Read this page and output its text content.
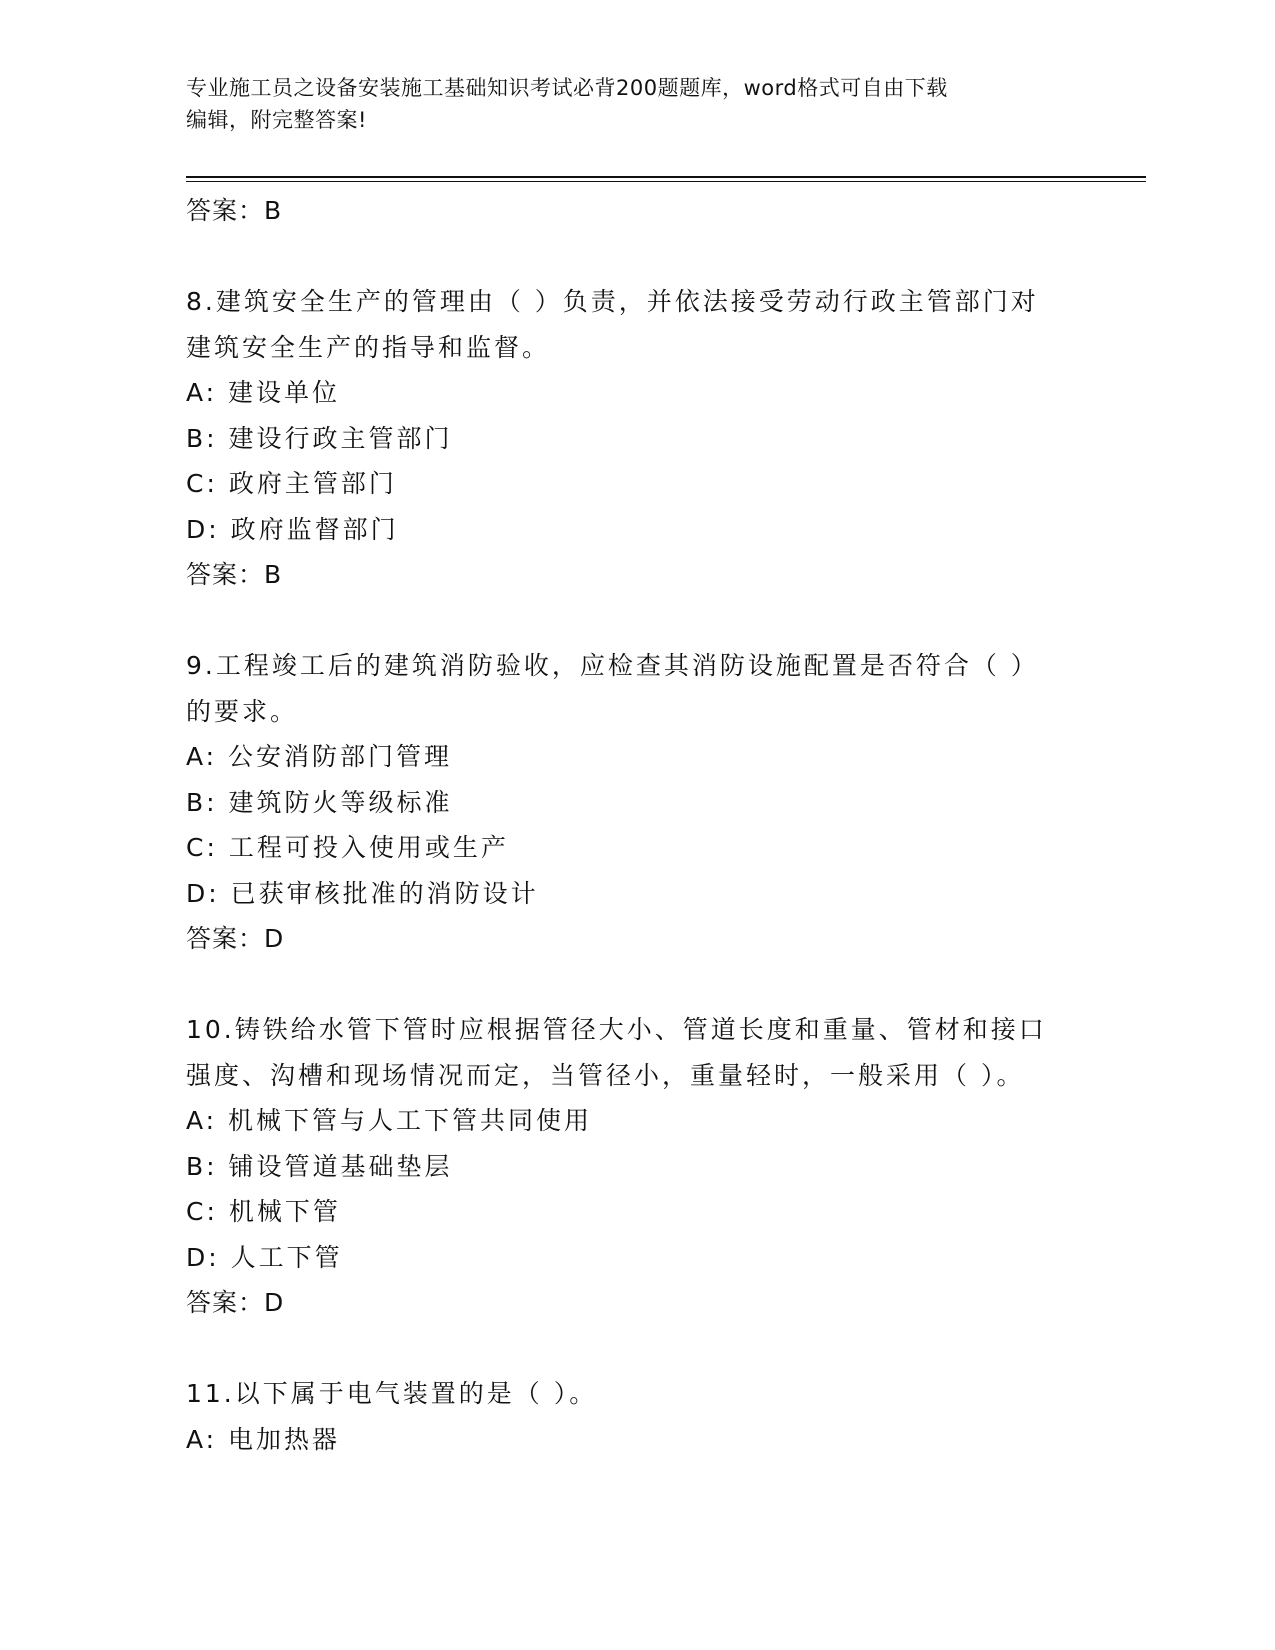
专业施工员之设备安装施工基础知识考试必背200题题库，word格式可自由下载
编辑，附完整答案!
答案：B
8.建筑安全生产的管理由（ ）负责，并依法接受劳动行政主管部门对
建筑安全生产的指导和监督。
A: 建设单位
B: 建设行政主管部门
C: 政府主管部门
D: 政府监督部门
答案：B
9.工程竣工后的建筑消防验收，应检查其消防设施配置是否符合（ ）
的要求。
A: 公安消防部门管理
B: 建筑防火等级标准
C: 工程可投入使用或生产
D: 已获审核批准的消防设计
答案：D
10.铸铁给水管下管时应根据管径大小、管道长度和重量、管材和接口
强度、沟槽和现场情况而定，当管径小，重量轻时，一般采用（ ）。
A: 机械下管与人工下管共同使用
B: 铺设管道基础垫层
C: 机械下管
D: 人工下管
答案：D
11.以下属于电气装置的是（ ）。
A: 电加热器
